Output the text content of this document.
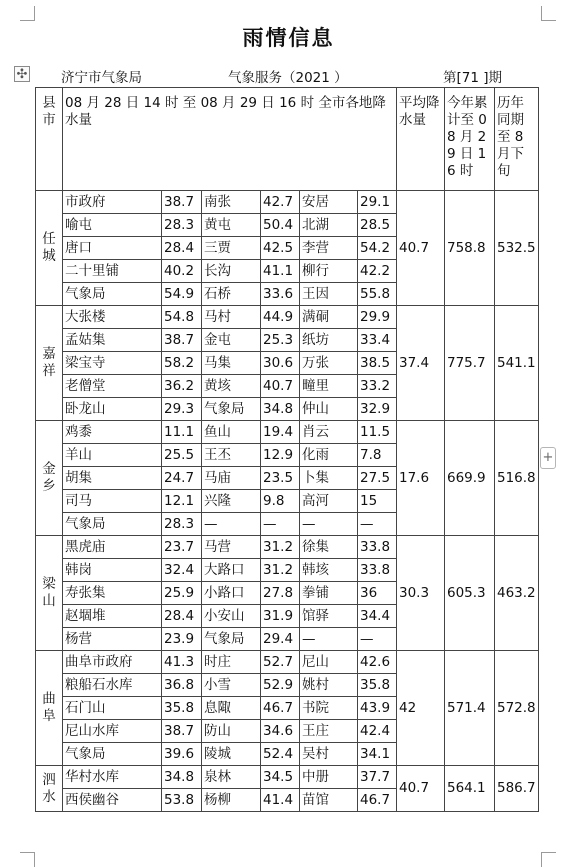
雨情信息
✣ 济宁市气象局	气象服务（2021 ）	第[71 ]期
县市	08 月 28 日 14 时 至 08 月 29 日 16 时 全市各地降水量						平均降水量	今年累计至 08 月 29 日 16 时	历年同期至 8 月下旬
任城	市政府	38.7	南张	42.7	安居	29.1	40.7	758.8	532.5
	喻屯	28.3	黄屯	50.4	北湖	28.5			
	唐口	28.4	三贾	42.5	李营	54.2			
	二十里铺	40.2	长沟	41.1	柳行	42.2			
	气象局	54.9	石桥	33.6	王因	55.8			
嘉祥	大张楼	54.8	马村	44.9	满硐	29.9	37.4	775.7	541.1
	孟姑集	38.7	金屯	25.3	纸坊	33.4			
	梁宝寺	58.2	马集	30.6	万张	38.5			
	老僧堂	36.2	黄垓	40.7	疃里	33.2			
	卧龙山	29.3	气象局	34.8	仲山	32.9			
金乡	鸡黍	11.1	鱼山	19.4	肖云	11.5	17.6	669.9	516.8
	羊山	25.5	王丕	12.9	化雨	7.8			
	胡集	24.7	马庙	23.5	卜集	27.5			
	司马	12.1	兴隆	9.8	高河	15			
	气象局	28.3	—	—	—	—			
梁山	黑虎庙	23.7	马营	31.2	徐集	33.8	30.3	605.3	463.2
	韩岗	32.4	大路口	31.2	韩垓	33.8			
	寿张集	25.9	小路口	27.8	拳铺	36			
	赵堌堆	28.4	小安山	31.9	馆驿	34.4			
	杨营	23.9	气象局	29.4	—	—			
曲阜	曲阜市政府	41.3	时庄	52.7	尼山	42.6	42	571.4	572.8
	粮船石水库	36.8	小雪	52.9	姚村	35.8			
	石门山	35.8	息陬	46.7	书院	43.9			
	尼山水库	38.7	防山	34.6	王庄	42.4			
	气象局	39.6	陵城	52.4	吴村	34.1			
泗水	华村水库	34.8	泉林	34.5	中册	37.7	40.7	564.1	586.7
	西侯幽谷	53.8	杨柳	41.4	苗馆	46.7			
+
